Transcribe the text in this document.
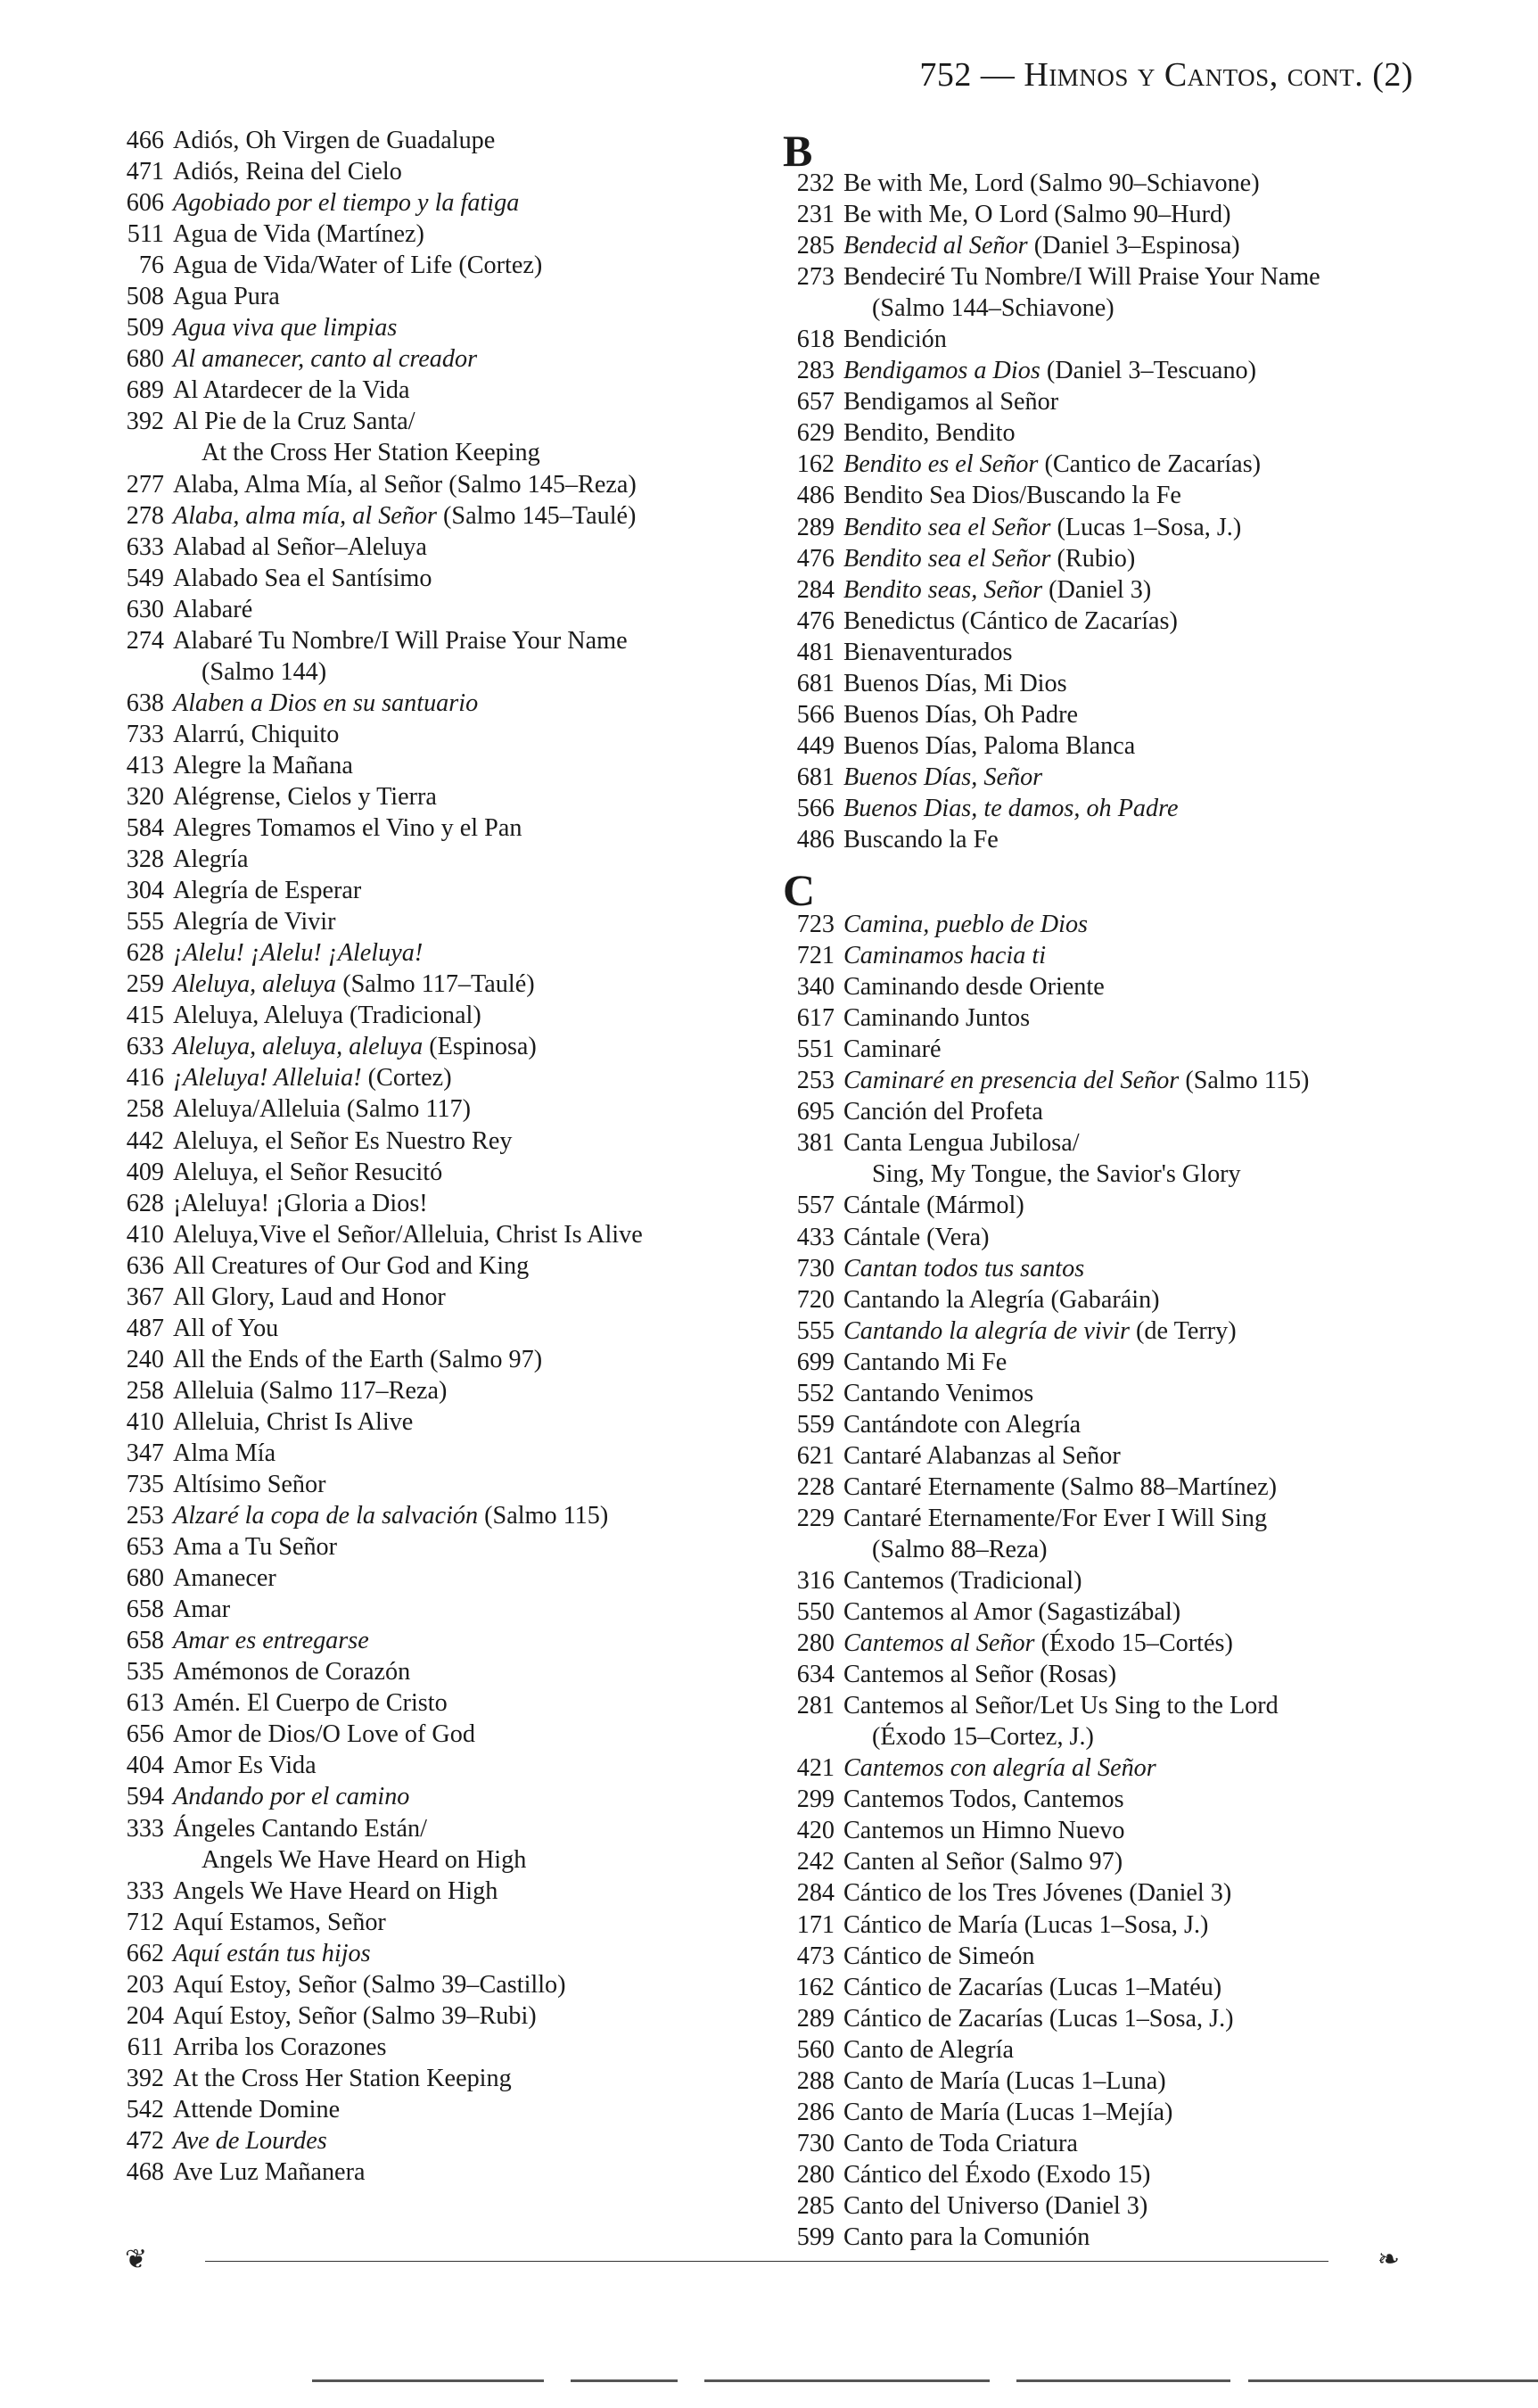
752 — Himnos y Cantos, cont. (2)
466 Adiós, Oh Virgen de Guadalupe
471 Adiós, Reina del Cielo
606 Agobiado por el tiempo y la fatiga
511 Agua de Vida (Martínez)
76 Agua de Vida/Water of Life (Cortez)
508 Agua Pura
509 Agua viva que limpias
680 Al amanecer, canto al creador
689 Al Atardecer de la Vida
392 Al Pie de la Cruz Santa/
At the Cross Her Station Keeping
277 Alaba, Alma Mía, al Señor (Salmo 145–Reza)
278 Alaba, alma mía, al Señor (Salmo 145–Taulé)
633 Alabad al Señor–Aleluya
549 Alabado Sea el Santísimo
630 Alabaré
274 Alabaré Tu Nombre/I Will Praise Your Name
(Salmo 144)
638 Alaben a Dios en su santuario
733 Alarrú, Chiquito
413 Alegre la Mañana
320 Alégrense, Cielos y Tierra
584 Alegres Tomamos el Vino y el Pan
328 Alegría
304 Alegría de Esperar
555 Alegría de Vivir
628 ¡Alelu! ¡Alelu! ¡Aleluya!
259 Aleluya, aleluya (Salmo 117–Taulé)
415 Aleluya, Aleluya (Tradicional)
633 Aleluya, aleluya, aleluya (Espinosa)
416 ¡Aleluya! Alleluia! (Cortez)
258 Aleluya/Alleluia (Salmo 117)
442 Aleluya, el Señor Es Nuestro Rey
409 Aleluya, el Señor Resucitó
628 ¡Aleluya! ¡Gloria a Dios!
410 Aleluya,Vive el Señor/Alleluia, Christ Is Alive
636 All Creatures of Our God and King
367 All Glory, Laud and Honor
487 All of You
240 All the Ends of the Earth (Salmo 97)
258 Alleluia (Salmo 117–Reza)
410 Alleluia, Christ Is Alive
347 Alma Mía
735 Altísimo Señor
253 Alzaré la copa de la salvación (Salmo 115)
653 Ama a Tu Señor
680 Amanecer
658 Amar
658 Amar es entregarse
535 Amémonos de Corazón
613 Amén. El Cuerpo de Cristo
656 Amor de Dios/O Love of God
404 Amor Es Vida
594 Andando por el camino
333 Ángeles Cantando Están/
Angels We Have Heard on High
333 Angels We Have Heard on High
712 Aquí Estamos, Señor
662 Aquí están tus hijos
203 Aquí Estoy, Señor (Salmo 39–Castillo)
204 Aquí Estoy, Señor (Salmo 39–Rubi)
611 Arriba los Corazones
392 At the Cross Her Station Keeping
542 Attende Domine
472 Ave de Lourdes
468 Ave Luz Mañanera
B
232 Be with Me, Lord (Salmo 90–Schiavone)
231 Be with Me, O Lord (Salmo 90–Hurd)
285 Bendecid al Señor (Daniel 3–Espinosa)
273 Bendeciré Tu Nombre/I Will Praise Your Name
(Salmo 144–Schiavone)
618 Bendición
283 Bendigamos a Dios (Daniel 3–Tescuano)
657 Bendigamos al Señor
629 Bendito, Bendito
162 Bendito es el Señor (Cantico de Zacarías)
486 Bendito Sea Dios/Buscando la Fe
289 Bendito sea el Señor (Lucas 1–Sosa, J.)
476 Bendito sea el Señor (Rubio)
284 Bendito seas, Señor (Daniel 3)
476 Benedictus (Cántico de Zacarías)
481 Bienaventurados
681 Buenos Días, Mi Dios
566 Buenos Días, Oh Padre
449 Buenos Días, Paloma Blanca
681 Buenos Días, Señor
566 Buenos Dias, te damos, oh Padre
486 Buscando la Fe
C
723 Camina, pueblo de Dios
721 Caminamos hacia ti
340 Caminando desde Oriente
617 Caminando Juntos
551 Caminaré
253 Caminaré en presencia del Señor (Salmo 115)
695 Canción del Profeta
381 Canta Lengua Jubilosa/
Sing, My Tongue, the Savior's Glory
557 Cántale (Mármol)
433 Cántale (Vera)
730 Cantan todos tus santos
720 Cantando la Alegría (Gabaráin)
555 Cantando la alegría de vivir (de Terry)
699 Cantando Mi Fe
552 Cantando Venimos
559 Cantándote con Alegría
621 Cantaré Alabanzas al Señor
228 Cantaré Eternamente (Salmo 88–Martínez)
229 Cantaré Eternamente/For Ever I Will Sing
(Salmo 88–Reza)
316 Cantemos (Tradicional)
550 Cantemos al Amor (Sagastizábal)
280 Cantemos al Señor (Éxodo 15–Cortés)
634 Cantemos al Señor (Rosas)
281 Cantemos al Señor/Let Us Sing to the Lord
(Éxodo 15–Cortez, J.)
421 Cantemos con alegría al Señor
299 Cantemos Todos, Cantemos
420 Cantemos un Himno Nuevo
242 Canten al Señor (Salmo 97)
284 Cántico de los Tres Jóvenes (Daniel 3)
171 Cántico de María (Lucas 1–Sosa, J.)
473 Cántico de Simeón
162 Cántico de Zacarías (Lucas 1–Matéu)
289 Cántico de Zacarías (Lucas 1–Sosa, J.)
560 Canto de Alegría
288 Canto de María (Lucas 1–Luna)
286 Canto de María (Lucas 1–Mejía)
730 Canto de Toda Criatura
280 Cántico del Éxodo (Exodo 15)
285 Canto del Universo (Daniel 3)
599 Canto para la Comunión
❦	❧
